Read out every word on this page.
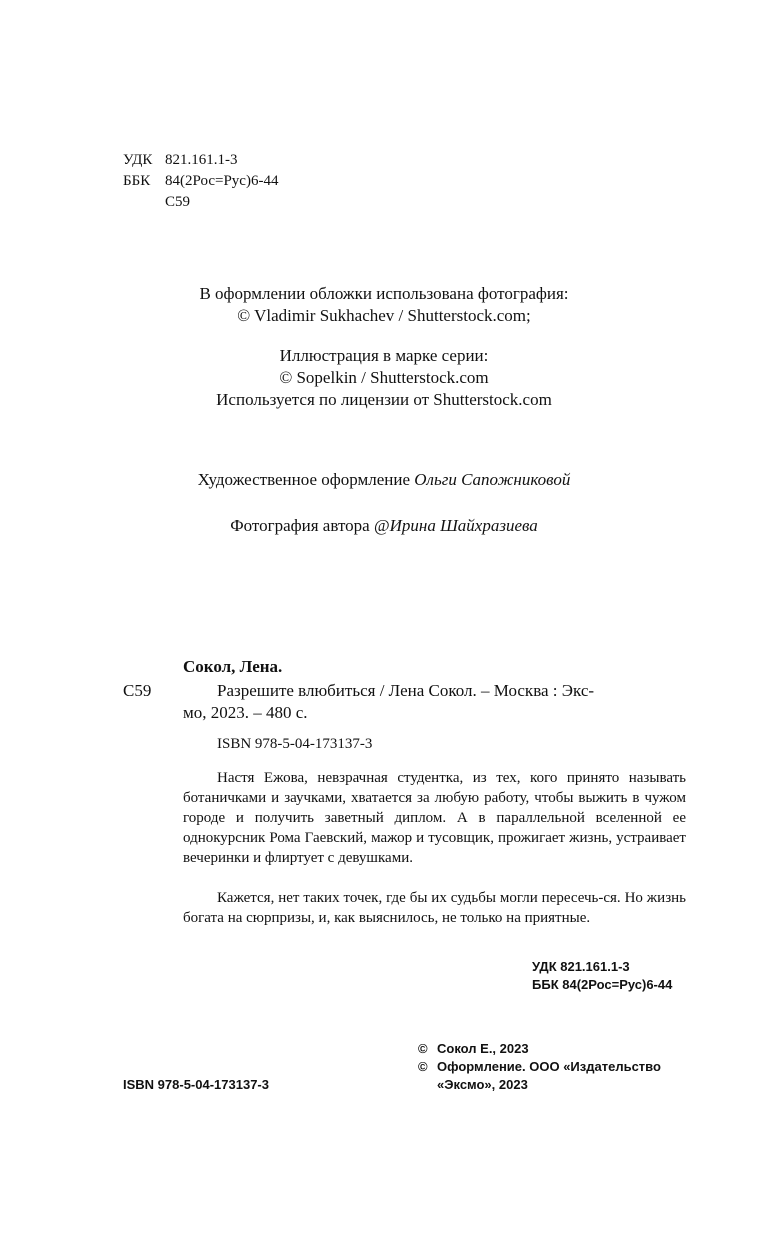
УДК 821.161.1-3
ББК 84(2Рос=Рус)6-44
С59
В оформлении обложки использована фотография:
© Vladimir Sukhachev / Shutterstock.com;
Иллюстрация в марке серии:
© Sopelkin / Shutterstock.com
Используется по лицензии от Shutterstock.com
Художественное оформление Ольги Сапожниковой
Фотография автора @Ирина Шайхразиева
Сокол, Лена.
С59	Разрешите влюбиться / Лена Сокол. – Москва : Экс-
мо, 2023. – 480 с.
ISBN 978-5-04-173137-3

Настя Ежова, невзрачная студентка, из тех, кого принято называть ботаничками и заучками, хватается за любую работу, чтобы выжить в чужом городе и получить заветный диплом. А в параллельной вселенной ее однокурсник Рома Гаевский, мажор и тусовщик, прожигает жизнь, устраивает вечеринки и флиртует с девушками.

Кажется, нет таких точек, где бы их судьбы могли пересечь-ся. Но жизнь богата на сюрпризы, и, как выяснилось, не только на приятные.

УДК 821.161.1-3
ББК 84(2Рос=Рус)6-44
ISBN 978-5-04-173137-3
© Сокол Е., 2023
© Оформление. ООО «Издательство
«Эксмо», 2023
